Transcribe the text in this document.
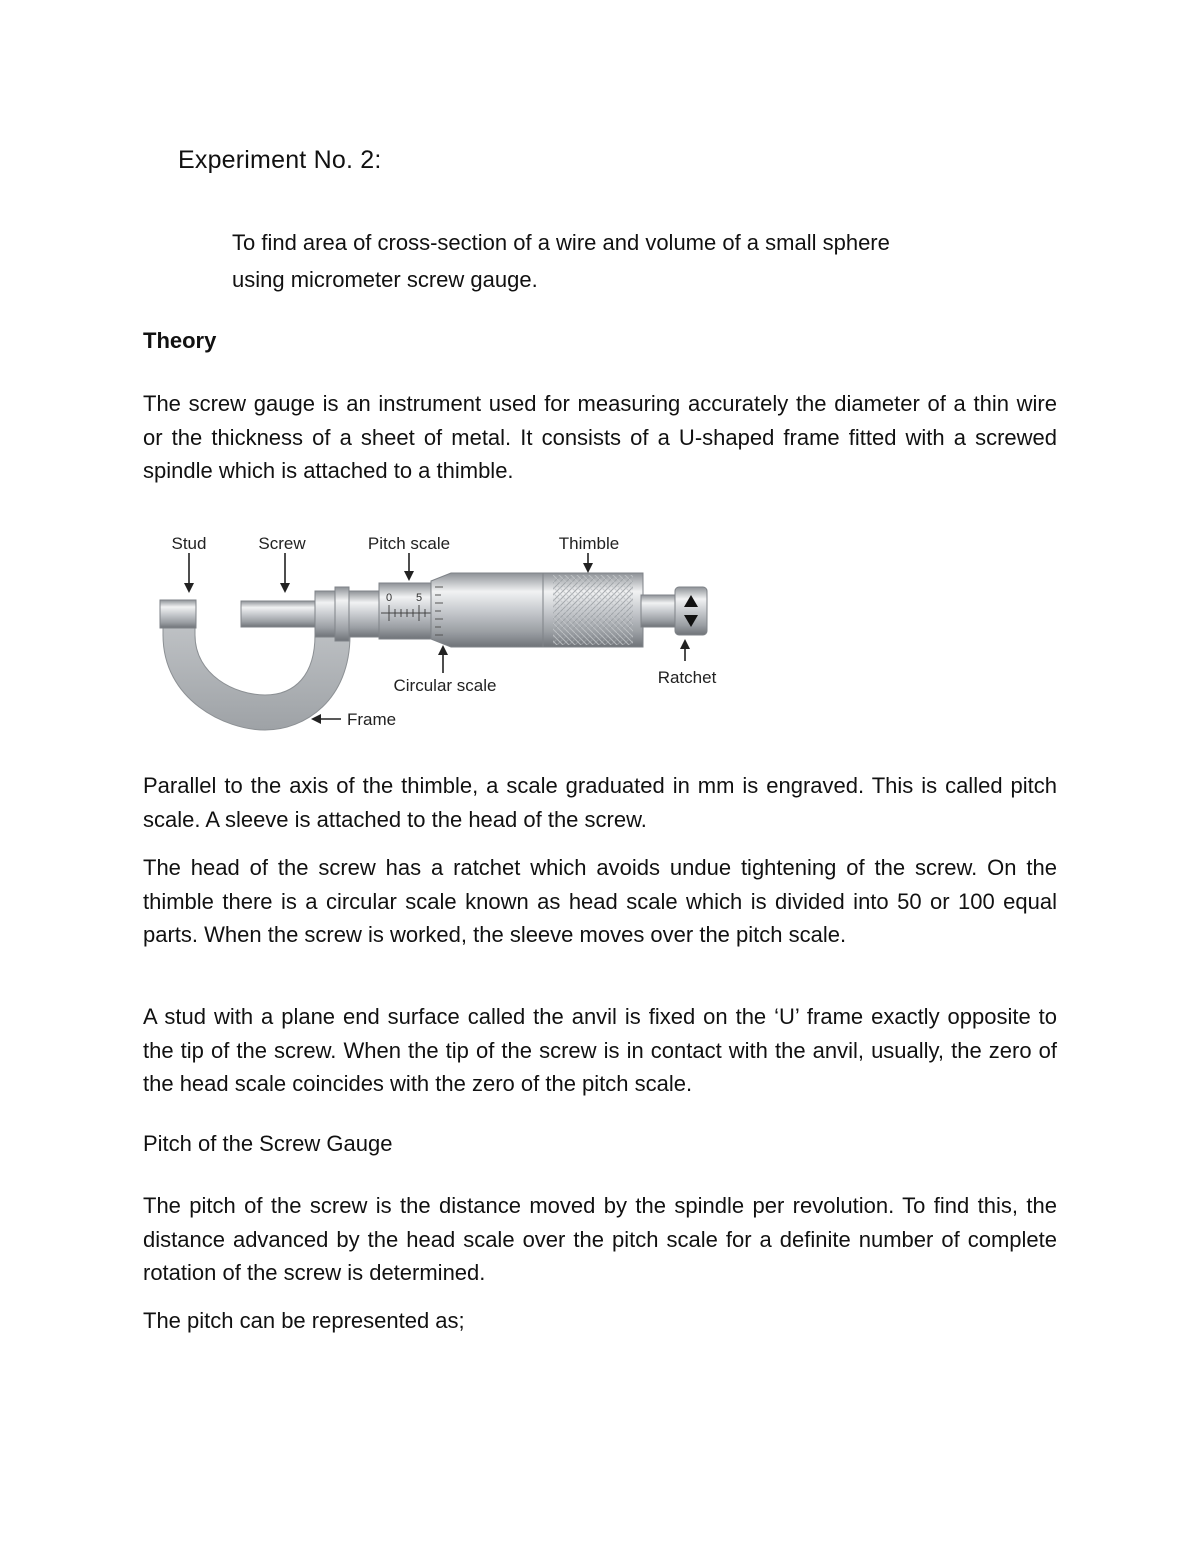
Experiment No. 2:
To find area of cross-section of a wire and volume of a small sphere
using micrometer screw gauge.
Theory
The screw gauge is an instrument used for measuring accurately the diameter of a thin wire or the thickness of a sheet of metal. It consists of a U-shaped frame fitted with a screwed spindle which is attached to a thimble.
0 5
Stud	Screw	Pitch scale	Thimble
Circular scale	Ratchet
Frame
Parallel to the axis of the thimble, a scale graduated in mm is engraved. This is called pitch scale. A sleeve is attached to the head of the screw.
The head of the screw has a ratchet which avoids undue tightening of the screw. On the thimble there is a circular scale known as head scale which is divided into 50 or 100 equal parts. When the screw is worked, the sleeve moves over the pitch scale.
A stud with a plane end surface called the anvil is fixed on the ‘U’ frame exactly opposite to the tip of the screw. When the tip of the screw is in contact with the anvil, usually, the zero of the head scale coincides with the zero of the pitch scale.
Pitch of the Screw Gauge
The pitch of the screw is the distance moved by the spindle per revolution. To find this, the distance advanced by the head scale over the pitch scale for a definite number of complete rotation of the screw is determined.
The pitch can be represented as;
